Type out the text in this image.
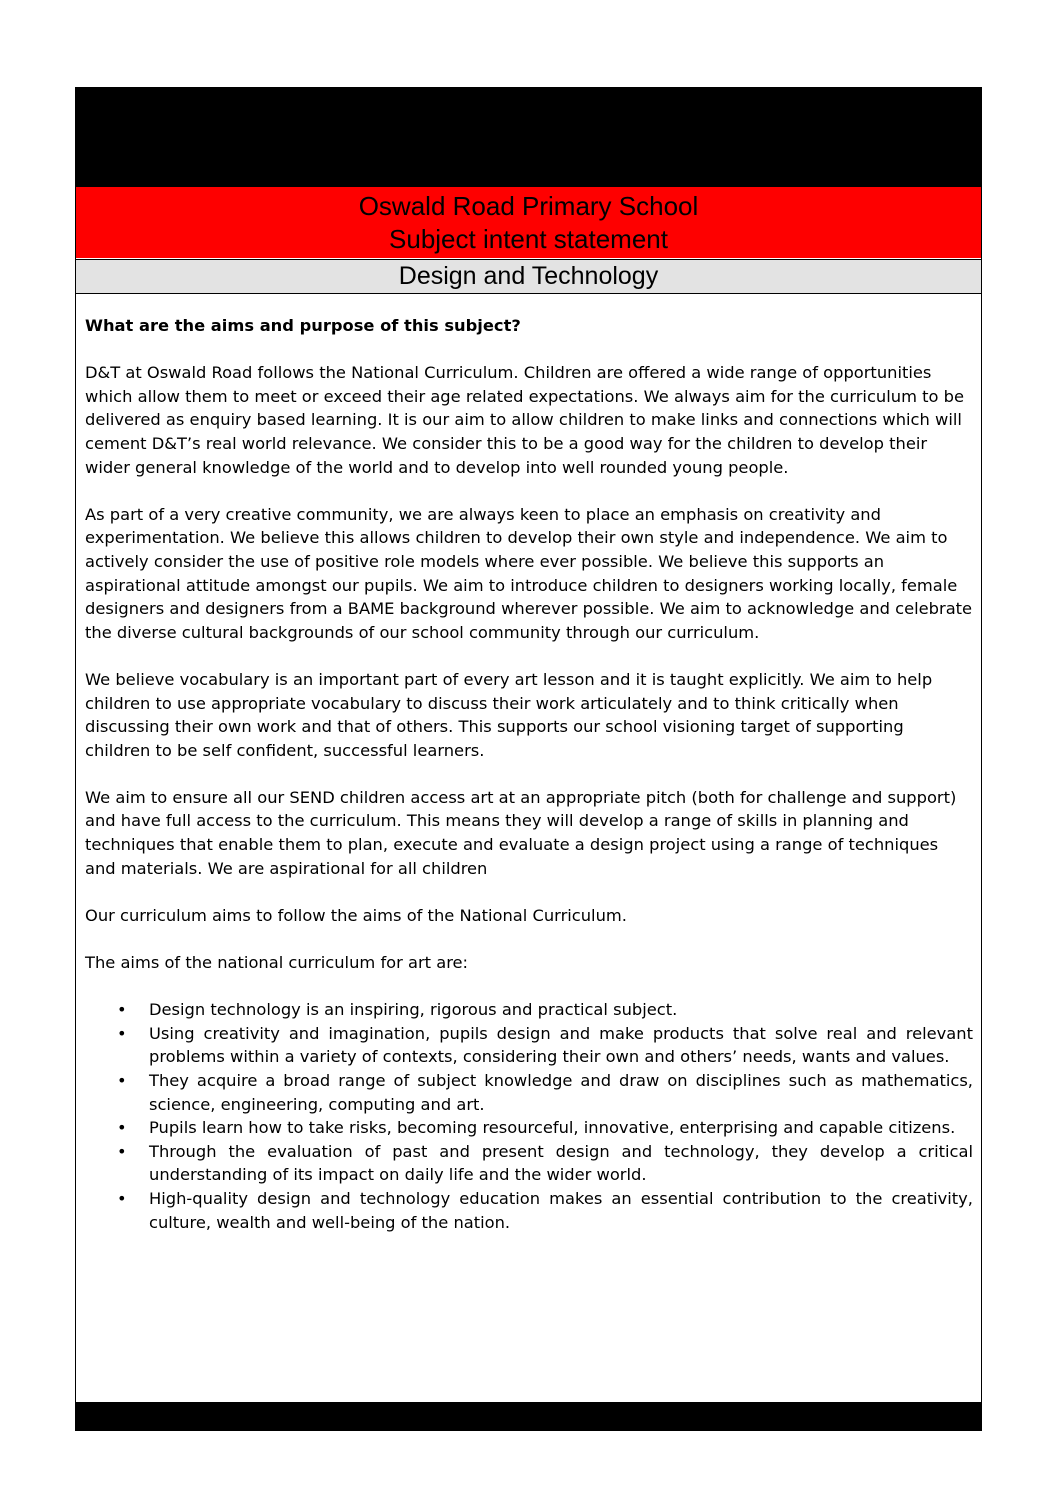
Oswald Road Primary School
Subject intent statement
Design and Technology

What are the aims and purpose of this subject?

D&T at Oswald Road follows the National Curriculum. Children are offered a wide range of opportunities which allow them to meet or exceed their age related expectations. We always aim for the curriculum to be delivered as enquiry based learning. It is our aim to allow children to make links and connections which will cement D&T’s real world relevance. We consider this to be a good way for the children to develop their wider general knowledge of the world and to develop into well rounded young people.

As part of a very creative community, we are always keen to place an emphasis on creativity and experimentation. We believe this allows children to develop their own style and independence. We aim to actively consider the use of positive role models where ever possible. We believe this supports an aspirational attitude amongst our pupils. We aim to introduce children to designers working locally, female designers and designers from a BAME background wherever possible. We aim to acknowledge and celebrate the diverse cultural backgrounds of our school community through our curriculum.

We believe vocabulary is an important part of every art lesson and it is taught explicitly. We aim to help children to use appropriate vocabulary to discuss their work articulately and to think critically when discussing their own work and that of others. This supports our school visioning target of supporting children to be self confident, successful learners.

We aim to ensure all our SEND children access art at an appropriate pitch (both for challenge and support) and have full access to the curriculum. This means they will develop a range of skills in planning and techniques that enable them to plan, execute and evaluate a design project using a range of techniques and materials. We are aspirational for all children

Our curriculum aims to follow the aims of the National Curriculum.

The aims of the national curriculum for art are:

• Design technology is an inspiring, rigorous and practical subject.
• Using creativity and imagination, pupils design and make products that solve real and relevant problems within a variety of contexts, considering their own and others’ needs, wants and values.
• They acquire a broad range of subject knowledge and draw on disciplines such as mathematics, science, engineering, computing and art.
• Pupils learn how to take risks, becoming resourceful, innovative, enterprising and capable citizens.
• Through the evaluation of past and present design and technology, they develop a critical understanding of its impact on daily life and the wider world.
• High-quality design and technology education makes an essential contribution to the creativity, culture, wealth and well-being of the nation.
